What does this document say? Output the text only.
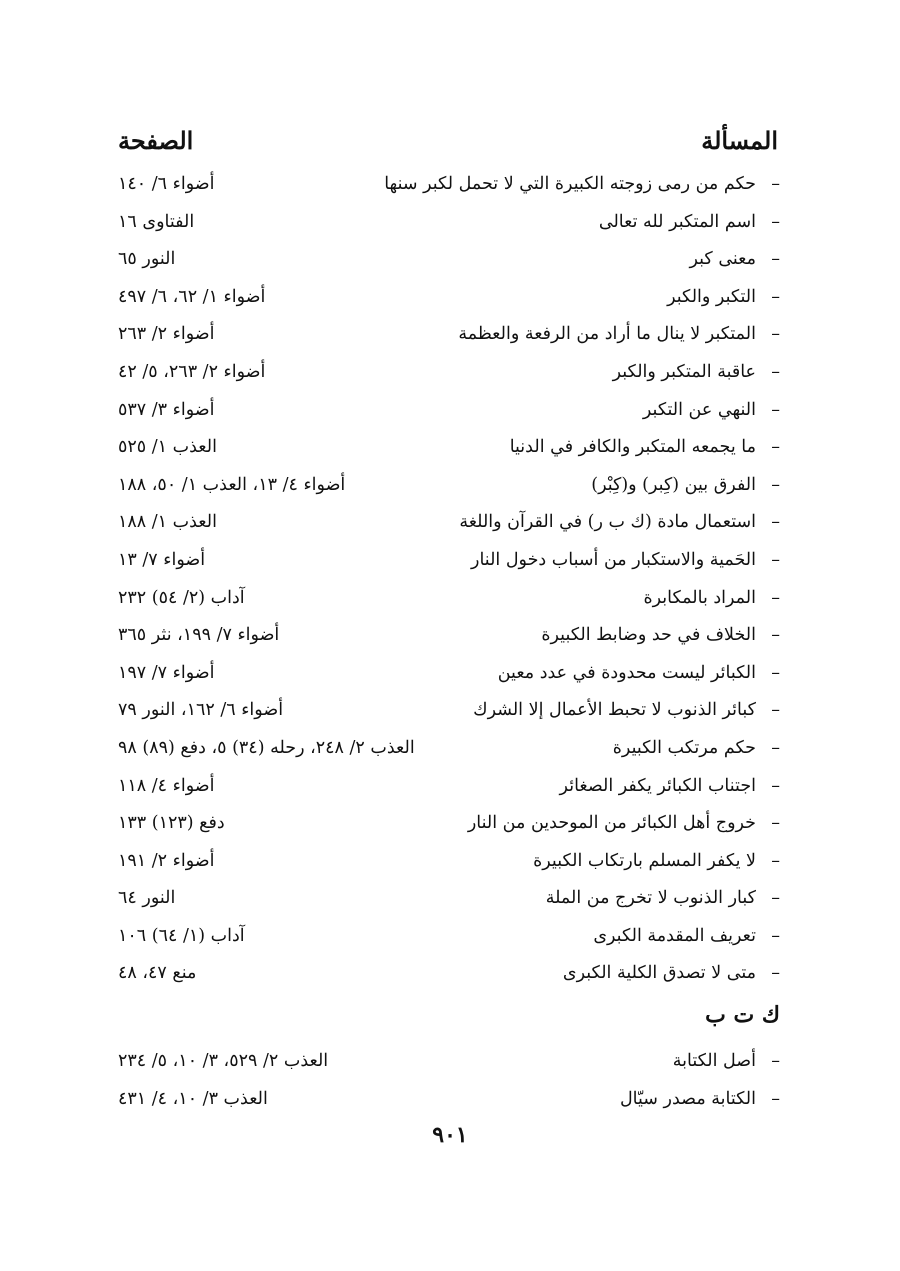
المسألة
الصفحة
–
حكم من رمى زوجته الكبيرة التي لا تحمل لكبر سنها
أضواء ٦/ ١٤٠
–
اسم المتكبر لله تعالى
الفتاوى ١٦
–
معنى كبر
النور ٦٥
–
التكبر والكبر
أضواء ١/ ٦٢، ٦/ ٤٩٧
–
المتكبر لا ينال ما أراد من الرفعة والعظمة
أضواء ٢/ ٢٦٣
–
عاقبة المتكبر والكبر
أضواء ٢/ ٢٦٣، ٥/ ٤٢
–
النهي عن التكبر
أضواء ٣/ ٥٣٧
–
ما يجمعه المتكبر والكافر في الدنيا
العذب ١/ ٥٢٥
–
الفرق بين (كِبر) و(كِبْر)
أضواء ٤/ ١٣، العذب ١/ ٥٠، ١٨٨
–
استعمال مادة (ك ب ر) في القرآن واللغة
العذب ١/ ١٨٨
–
الحَمية والاستكبار من أسباب دخول النار
أضواء ٧/ ١٣
–
المراد بالمكابرة
آداب (٢/ ٥٤) ٢٣٢
–
الخلاف في حد وضابط الكبيرة
أضواء ٧/ ١٩٩، نثر ٣٦٥
–
الكبائر ليست محدودة في عدد معين
أضواء ٧/ ١٩٧
–
كبائر الذنوب لا تحبط الأعمال إلا الشرك
أضواء ٦/ ١٦٢، النور ٧٩
–
حكم مرتكب الكبيرة
العذب ٢/ ٢٤٨، رحله (٣٤) ٥، دفع (٨٩) ٩٨
–
اجتناب الكبائر يكفر الصغائر
أضواء ٤/ ١١٨
–
خروج أهل الكبائر من الموحدين من النار
دفع (١٢٣) ١٣٣
–
لا يكفر المسلم بارتكاب الكبيرة
أضواء ٢/ ١٩١
–
كبار الذنوب لا تخرج من الملة
النور ٦٤
–
تعريف المقدمة الكبرى
آداب (١/ ٦٤) ١٠٦
–
متى لا تصدق الكلية الكبرى
منع ٤٧، ٤٨
ك ت ب
–
أصل الكتابة
العذب ٢/ ٥٢٩، ٣/ ١٠، ٥/ ٢٣٤
–
الكتابة مصدر سيّال
العذب ٣/ ١٠، ٤/ ٤٣١
٩٠١
